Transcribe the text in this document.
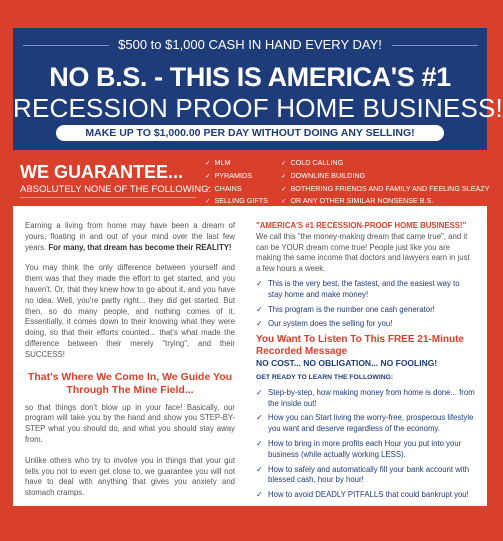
$500 to $1,000 CASH IN HAND EVERY DAY!
NO B.S. - THIS IS AMERICA'S #1
RECESSION PROOF HOME BUSINESS!
MAKE UP TO $1,000.00 PER DAY WITHOUT DOING ANY SELLING!
WE GUARANTEE...
ABSOLUTELY NONE OF THE FOLLOWING:
✓ MLM
✓ PYRAMIDS
✓ CHAINS
✓ SELLING GIFTS
✓ COLD CALLING
✓ DOWNLINE BUILDING
✓ BOTHERING FRIENDS AND FAMILY AND FEELING SLEAZY
✓ OR ANY OTHER SIMILAR NONSENSE B.S.

Earning a living from home may have been a dream of yours, floating in and out of your mind over the last few years. For many, that dream has become their REALITY!

You may think the only difference between yourself and them was that they made the effort to get started, and you haven't. Or, that they knew how to go about it, and you have no idea. Well, you're partly right... they did get started. But then, so do many people, and nothing comes of it. Essentially, it comes down to their knowing what they were doing, so that their efforts counted... that's what made the difference between their merely "trying", and their SUCCESS!

That's Where We Come In, We Guide You Through The Mine Field...

so that things don't blow up in your face! Basically, our program will take you by the hand and show you STEP-BY-STEP what you should do, and what you should stay away from.

Unlike others who try to involve you in things that your gut tells you not to even get close to, we guarantee you will not have to deal with anything that gives you anxiety and stomach cramps.

Are You Ready To Learn How To Earn From The Comfort Of Your Home?
"AMERICA'S #1 RECESSION-PROOF HOME BUSINESS!"

We call this "the money-making dream that came true", and it can be YOUR dream come true! People just like you are making the same income that doctors and lawyers earn in just a few hours a week.

✓ This is the very best, the fastest, and the easiest way to stay home and make money!
✓ This program is the number one cash generator!
✓ Our system does the selling for you!
You Want To Listen To This FREE 21-Minute Recorded Message
NO COST... NO OBLIGATION... NO FOOLING!
GET READY TO LEARN THE FOLLOWING:
✓ Step-by-step, how making money from home is done... from the inside out!
✓ How you can Start living the worry-free, prosperous lifestyle you want and deserve regardless of the economy.
✓ How to bring in more profits each Hour you put into your business (while actually working LESS).
✓ How to safely and automatically fill your bank account with blessed cash, hour by hour!
✓ How to avoid DEADLY PITFALLS that could bankrupt you!
AND MORE THAN WE CAN LIST HERE... FREE! NO
